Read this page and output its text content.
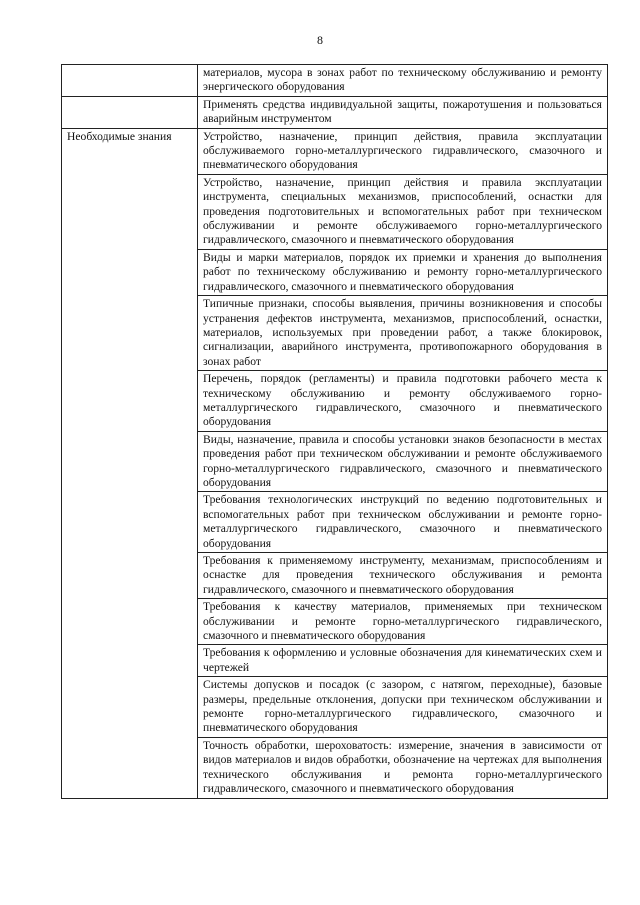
8
	материалов, мусора в зонах работ по техническому обслуживанию и ремонту энергического оборудования
	Применять средства индивидуальной защиты, пожаротушения и пользоваться аварийным инструментом
Необходимые знания	Устройство, назначение, принцип действия, правила эксплуатации обслуживаемого горно-металлургического гидравлического, смазочного и пневматического оборудования
	Устройство, назначение, принцип действия и правила эксплуатации инструмента, специальных механизмов, приспособлений, оснастки для проведения подготовительных и вспомогательных работ при техническом обслуживании и ремонте обслуживаемого горно-металлургического гидравлического, смазочного и пневматического оборудования
	Виды и марки материалов, порядок их приемки и хранения до выполнения работ по техническому обслуживанию и ремонту горно-металлургического гидравлического, смазочного и пневматического оборудования
	Типичные признаки, способы выявления, причины возникновения и способы устранения дефектов инструмента, механизмов, приспособлений, оснастки, материалов, используемых при проведении работ, а также блокировок, сигнализации, аварийного инструмента, противопожарного оборудования в зонах работ
	Перечень, порядок (регламенты) и правила подготовки рабочего места к техническому обслуживанию и ремонту обслуживаемого горно-металлургического гидравлического, смазочного и пневматического оборудования
	Виды, назначение, правила и способы установки знаков безопасности в местах проведения работ при техническом обслуживании и ремонте обслуживаемого горно-металлургического гидравлического, смазочного и пневматического оборудования
	Требования технологических инструкций по ведению подготовительных и вспомогательных работ при техническом обслуживании и ремонте горно-металлургического гидравлического, смазочного и пневматического оборудования
	Требования к применяемому инструменту, механизмам, приспособлениям и оснастке для проведения технического обслуживания и ремонта гидравлического, смазочного и пневматического оборудования
	Требования к качеству материалов, применяемых при техническом обслуживании и ремонте горно-металлургического гидравлического, смазочного и пневматического оборудования
	Требования к оформлению и условные обозначения для кинематических схем и чертежей
	Системы допусков и посадок (с зазором, с натягом, переходные), базовые размеры, предельные отклонения, допуски при техническом обслуживании и ремонте горно-металлургического гидравлического, смазочного и пневматического оборудования
	Точность обработки, шероховатость: измерение, значения в зависимости от видов материалов и видов обработки, обозначение на чертежах для выполнения технического обслуживания и ремонта горно-металлургического гидравлического, смазочного и пневматического оборудования
